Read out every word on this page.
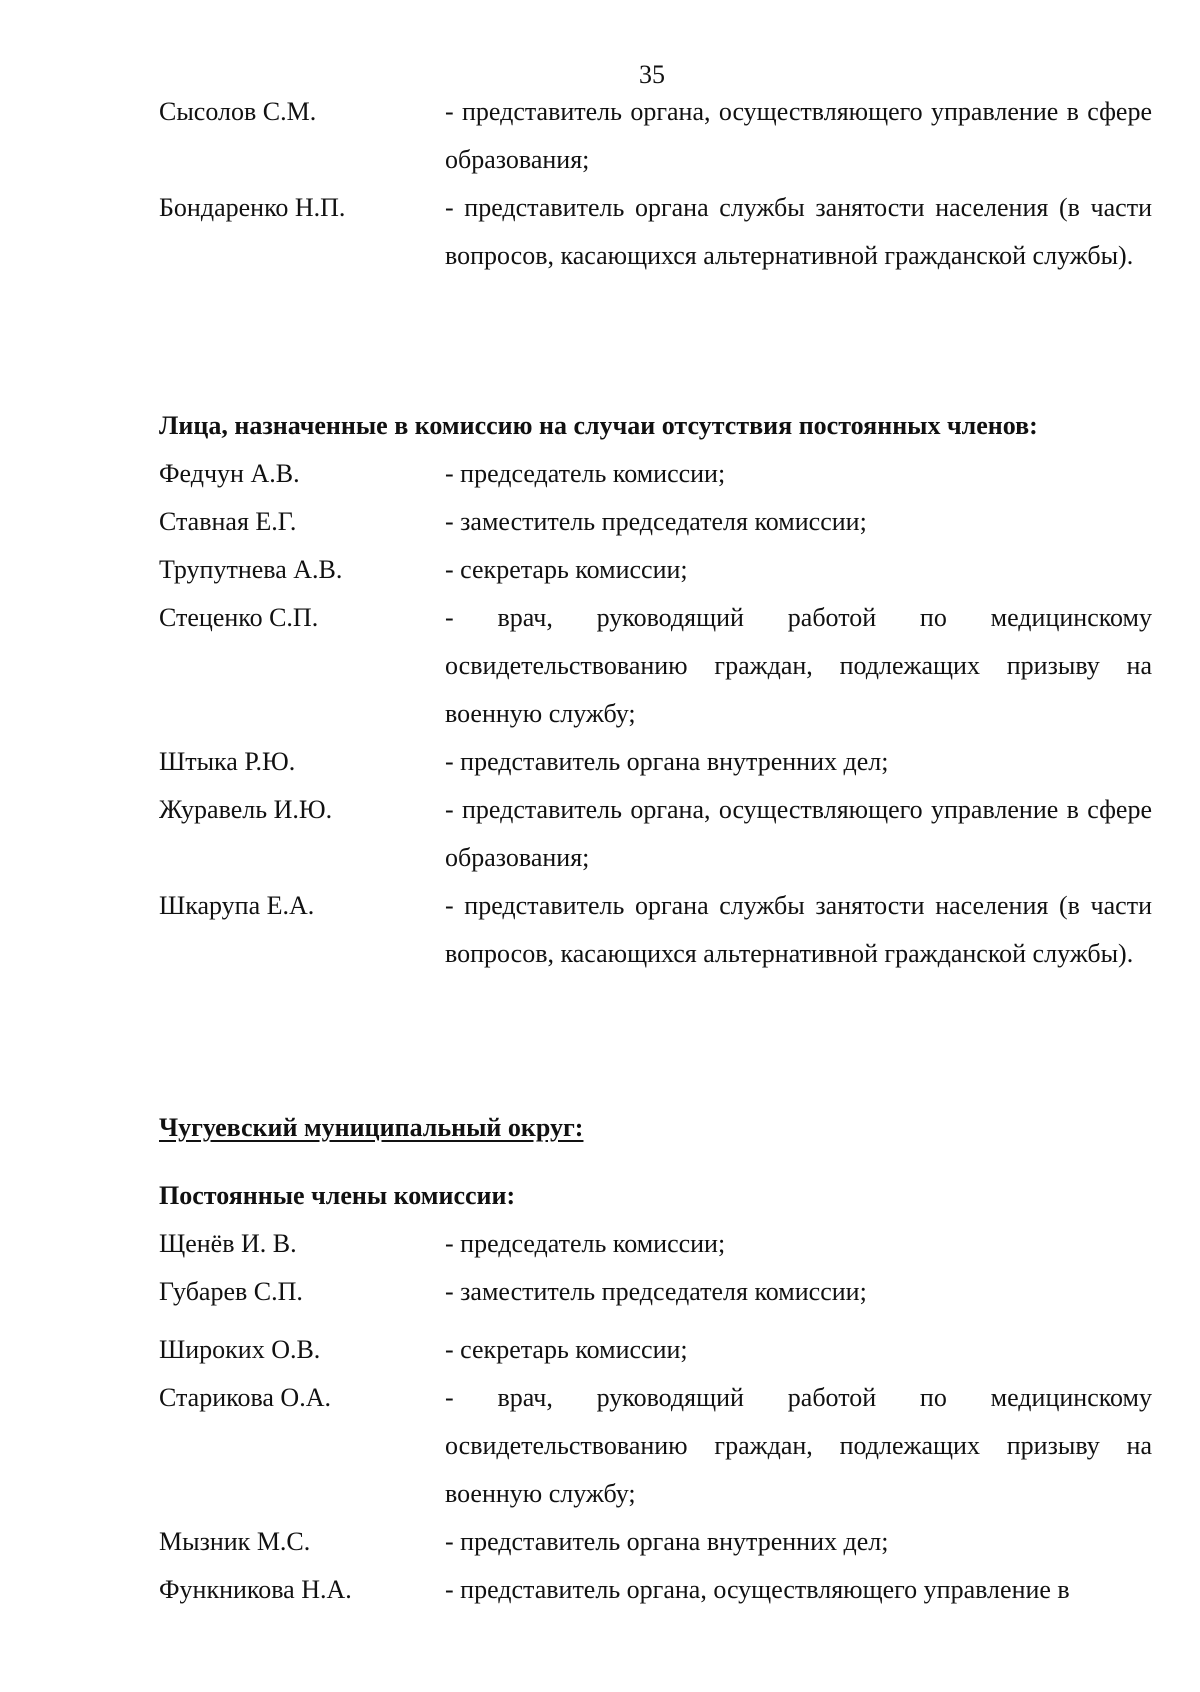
35
Сысолов С.М.	- представитель органа, осуществляющего управление в сфере образования;
Бондаренко Н.П.	- представитель органа службы занятости населения (в части вопросов, касающихся альтернативной гражданской службы).
Лица, назначенные в комиссию на случаи отсутствия постоянных членов:
Федчун А.В.	- председатель комиссии;
Ставная Е.Г.	- заместитель председателя комиссии;
Трупутнева А.В.	- секретарь комиссии;
Стеценко С.П.	- врач, руководящий работой по медицинскому освидетельствованию граждан, подлежащих призыву на военную службу;
Штыка Р.Ю.	- представитель органа внутренних дел;
Журавель И.Ю.	- представитель органа, осуществляющего управление в сфере образования;
Шкарупа Е.А.	- представитель органа службы занятости населения (в части вопросов, касающихся альтернативной гражданской службы).
Чугуевский муниципальный округ:
Постоянные члены комиссии:
Щенёв И. В.	- председатель комиссии;
Губарев С.П.	- заместитель председателя комиссии;
Широких О.В.	- секретарь комиссии;
Старикова О.А.	- врач, руководящий работой по медицинскому освидетельствованию граждан, подлежащих призыву на военную службу;
Мызник М.С.	- представитель органа внутренних дел;
Функникова Н.А.	- представитель органа, осуществляющего управление в
